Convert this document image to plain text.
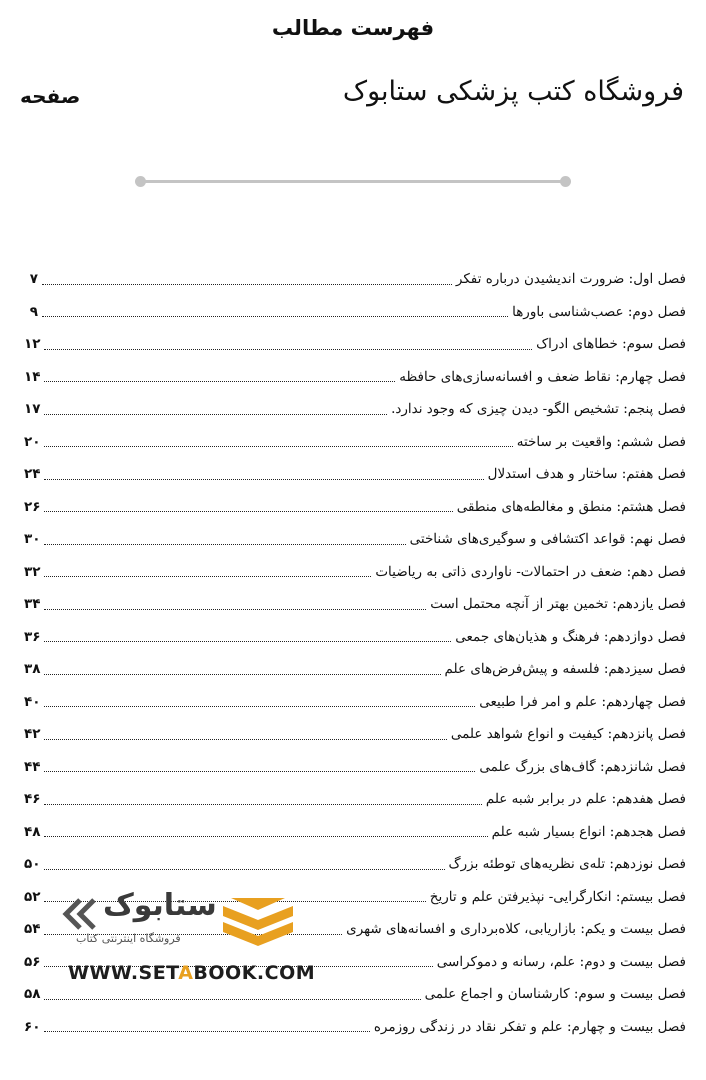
فهرست مطالب
فروشگاه کتب پزشکی ستابوک
صفحه
فصل اول: ضرورت اندیشیدن درباره تفکر
۷
فصل دوم: عصب‌شناسی باورها
۹
فصل سوم: خطاهای ادراک
۱۲
فصل چهارم: نقاط ضعف و افسانه‌سازی‌های حافظه
۱۴
فصل پنجم: تشخیص الگو- دیدن چیزی که وجود ندارد.
۱۷
فصل ششم: واقعیت بر ساخته
۲۰
فصل هفتم: ساختار و هدف استدلال
۲۴
فصل هشتم: منطق و مغالطه‌های منطقی
۲۶
فصل نهم: قواعد اکتشافی و سوگیری‌های شناختی
۳۰
فصل دهم: ضعف در احتمالات- ناواردی ذاتی به ریاضیات
۳۲
فصل یازدهم: تخمین بهتر از آنچه محتمل است
۳۴
فصل دوازدهم: فرهنگ و هذیان‌های جمعی
۳۶
فصل سیزدهم: فلسفه و پیش‌فرض‌های علم
۳۸
فصل چهاردهم: علم و امر فرا طبیعی
۴۰
فصل پانزدهم: کیفیت و انواع شواهد علمی
۴۲
فصل شانزدهم: گاف‌های بزرگ علمی
۴۴
فصل هفدهم: علم در برابر شبه علم
۴۶
فصل هجدهم: انواع بسیار شبه علم
۴۸
فصل نوزدهم: تله‌ی نظریه‌های توطئه بزرگ
۵۰
فصل بیستم: انکارگرایی- نپذیرفتن علم و تاریخ
۵۲
فصل بیست و یکم: بازاریابی، کلاه‌برداری و افسانه‌های شهری
۵۴
فصل بیست و دوم: علم، رسانه و دموکراسی
۵۶
فصل بیست و سوم: کارشناسان و اجماع علمی
۵۸
فصل بیست و چهارم: علم و تفکر نقاد در زندگی روزمره
۶۰
ستابوک
فروشگاه اینترنتی کتاب
WWW.SETABOOK.COM
